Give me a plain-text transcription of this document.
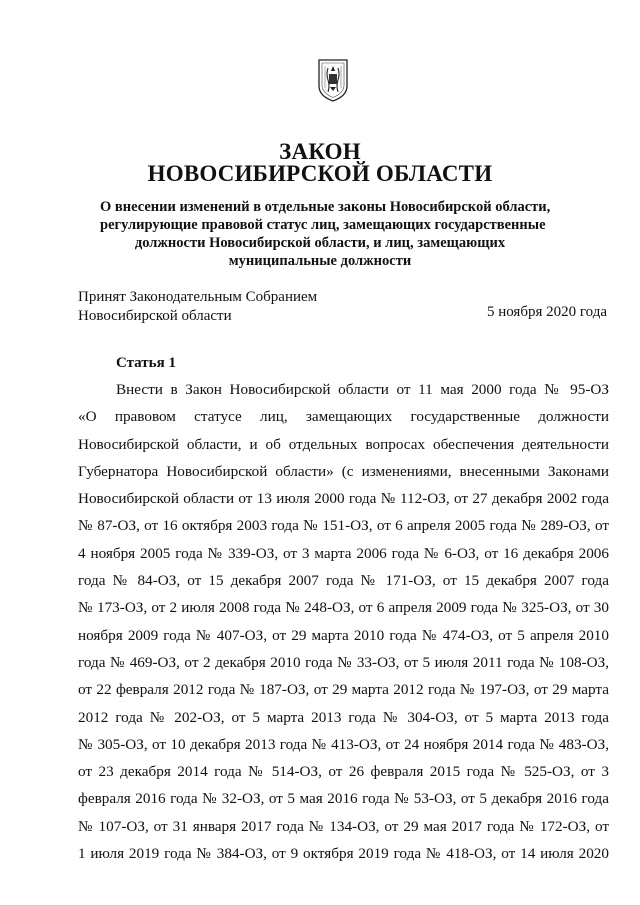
ЗАКОН
НОВОСИБИРСКОЙ ОБЛАСТИ
О внесении изменений в отдельные законы Новосибирской области,
регулирующие правовой статус лиц, замещающих государственные
должности Новосибирской области, и лиц, замещающих
муниципальные должности
Принят Законодательным Собранием
Новосибирской области	5 ноября 2020 года
Статья 1
Внести в Закон Новосибирской области от 11 мая 2000 года № 95-ОЗ
«О правовом статусе лиц, замещающих государственные должности
Новосибирской области, и об отдельных вопросах обеспечения деятельности
Губернатора Новосибирской области» (с изменениями, внесенными Законами
Новосибирской области от 13 июля 2000 года № 112-ОЗ, от 27 декабря 2002 года
№ 87-ОЗ, от 16 октября 2003 года № 151-ОЗ, от 6 апреля 2005 года № 289-ОЗ, от
4 ноября 2005 года № 339-ОЗ, от 3 марта 2006 года № 6-ОЗ, от 16 декабря 2006
года № 84-ОЗ, от 15 декабря 2007 года № 171-ОЗ, от 15 декабря 2007 года
№ 173-ОЗ, от 2 июля 2008 года № 248-ОЗ, от 6 апреля 2009 года № 325-ОЗ, от 30
ноября 2009 года № 407-ОЗ, от 29 марта 2010 года № 474-ОЗ, от 5 апреля 2010
года № 469-ОЗ, от 2 декабря 2010 года № 33-ОЗ, от 5 июля 2011 года № 108-ОЗ,
от 22 февраля 2012 года № 187-ОЗ, от 29 марта 2012 года № 197-ОЗ, от 29 марта
2012 года № 202-ОЗ, от 5 марта 2013 года № 304-ОЗ, от 5 марта 2013 года
№ 305-ОЗ, от 10 декабря 2013 года № 413-ОЗ, от 24 ноября 2014 года № 483-ОЗ,
от 23 декабря 2014 года № 514-ОЗ, от 26 февраля 2015 года № 525-ОЗ, от 3
февраля 2016 года № 32-ОЗ, от 5 мая 2016 года № 53-ОЗ, от 5 декабря 2016 года
№ 107-ОЗ, от 31 января 2017 года № 134-ОЗ, от 29 мая 2017 года № 172-ОЗ, от
1 июля 2019 года № 384-ОЗ, от 9 октября 2019 года № 418-ОЗ, от 14 июля 2020
